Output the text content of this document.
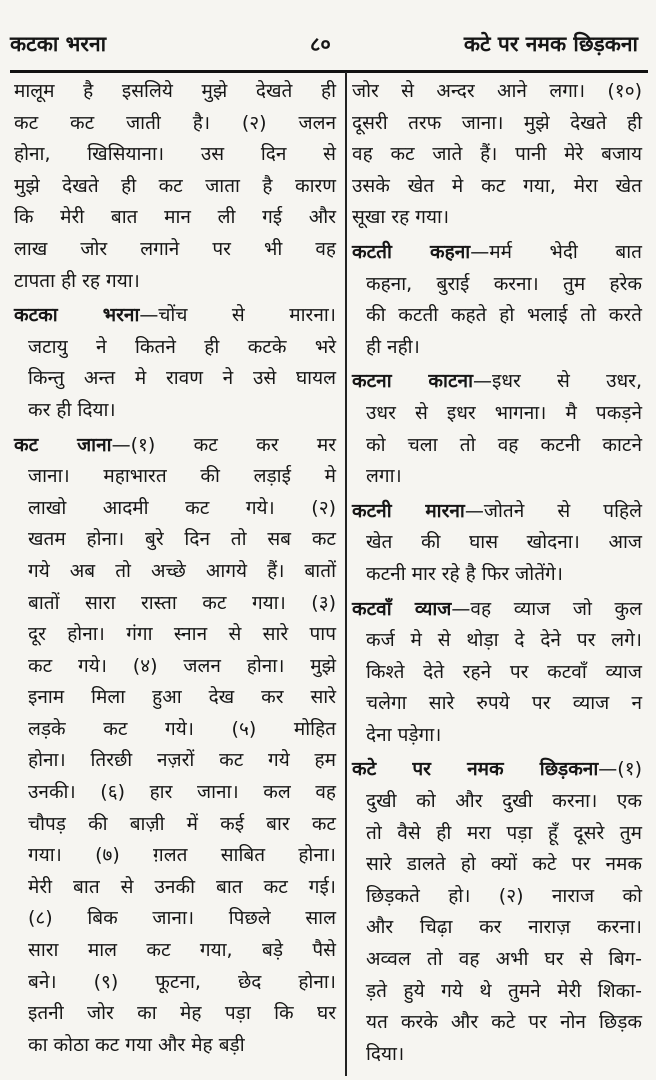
कटका भरना	८०	कटे पर नमक छिड़कना
मालूम है इसलिये मुझे देखते ही
कट कट जाती है। (२) जलन
होना, खिसियाना। उस दिन से
मुझे देखते ही कट जाता है कारण
कि मेरी बात मान ली गई और
लाख जोर लगाने पर भी वह
टापता ही रह गया।
कटका भरना—चोंच से मारना।
जटायु ने कितने ही कटके भरे
किन्तु अन्त मे रावण ने उसे घायल
कर ही दिया।
कट जाना—(१) कट कर मर
जाना। महाभारत की लड़ाई मे
लाखो आदमी कट गये। (२)
खतम होना। बुरे दिन तो सब कट
गये अब तो अच्छे आगये हैं। बातों
बातों सारा रास्ता कट गया। (३)
दूर होना। गंगा स्नान से सारे पाप
कट गये। (४) जलन होना। मुझे
इनाम मिला हुआ देख कर सारे
लड़के कट गये। (५) मोहित
होना। तिरछी नज़रों कट गये हम
उनकी। (६) हार जाना। कल वह
चौपड़ की बाज़ी में कई बार कट
गया। (७) ग़लत साबित होना।
मेरी बात से उनकी बात कट गई।
(८) बिक जाना। पिछले साल
सारा माल कट गया, बड़े पैसे
बने। (९) फूटना, छेद होना।
इतनी जोर का मेह पड़ा कि घर
का कोठा कट गया और मेह बड़ी
जोर से अन्दर आने लगा। (१०)
दूसरी तरफ जाना। मुझे देखते ही
वह कट जाते हैं। पानी मेरे बजाय
उसके खेत मे कट गया, मेरा खेत
सूखा रह गया।
कटती कहना—मर्म भेदी बात
कहना, बुराई करना। तुम हरेक
की कटती कहते हो भलाई तो करते
ही नही।
कटना काटना—इधर से उधर,
उधर से इधर भागना। मै पकड़ने
को चला तो वह कटनी काटने
लगा।
कटनी मारना—जोतने से पहिले
खेत की घास खोदना। आज
कटनी मार रहे है फिर जोतेंगे।
कटवाँ व्याज—वह व्याज जो कुल
कर्ज मे से थोड़ा दे देने पर लगे।
किश्ते देते रहने पर कटवाँ व्याज
चलेगा सारे रुपये पर व्याज न
देना पड़ेगा।
कटे पर नमक छिड़कना—(१)
दुखी को और दुखी करना। एक
तो वैसे ही मरा पड़ा हूँ दूसरे तुम
सारे डालते हो क्यों कटे पर नमक
छिड़कते हो। (२) नाराज को
और चिढ़ा कर नाराज़ करना।
अव्वल तो वह अभी घर से बिग-
ड़ते हुये गये थे तुमने मेरी शिका-
यत करके और कटे पर नोन छिड़क
दिया।
